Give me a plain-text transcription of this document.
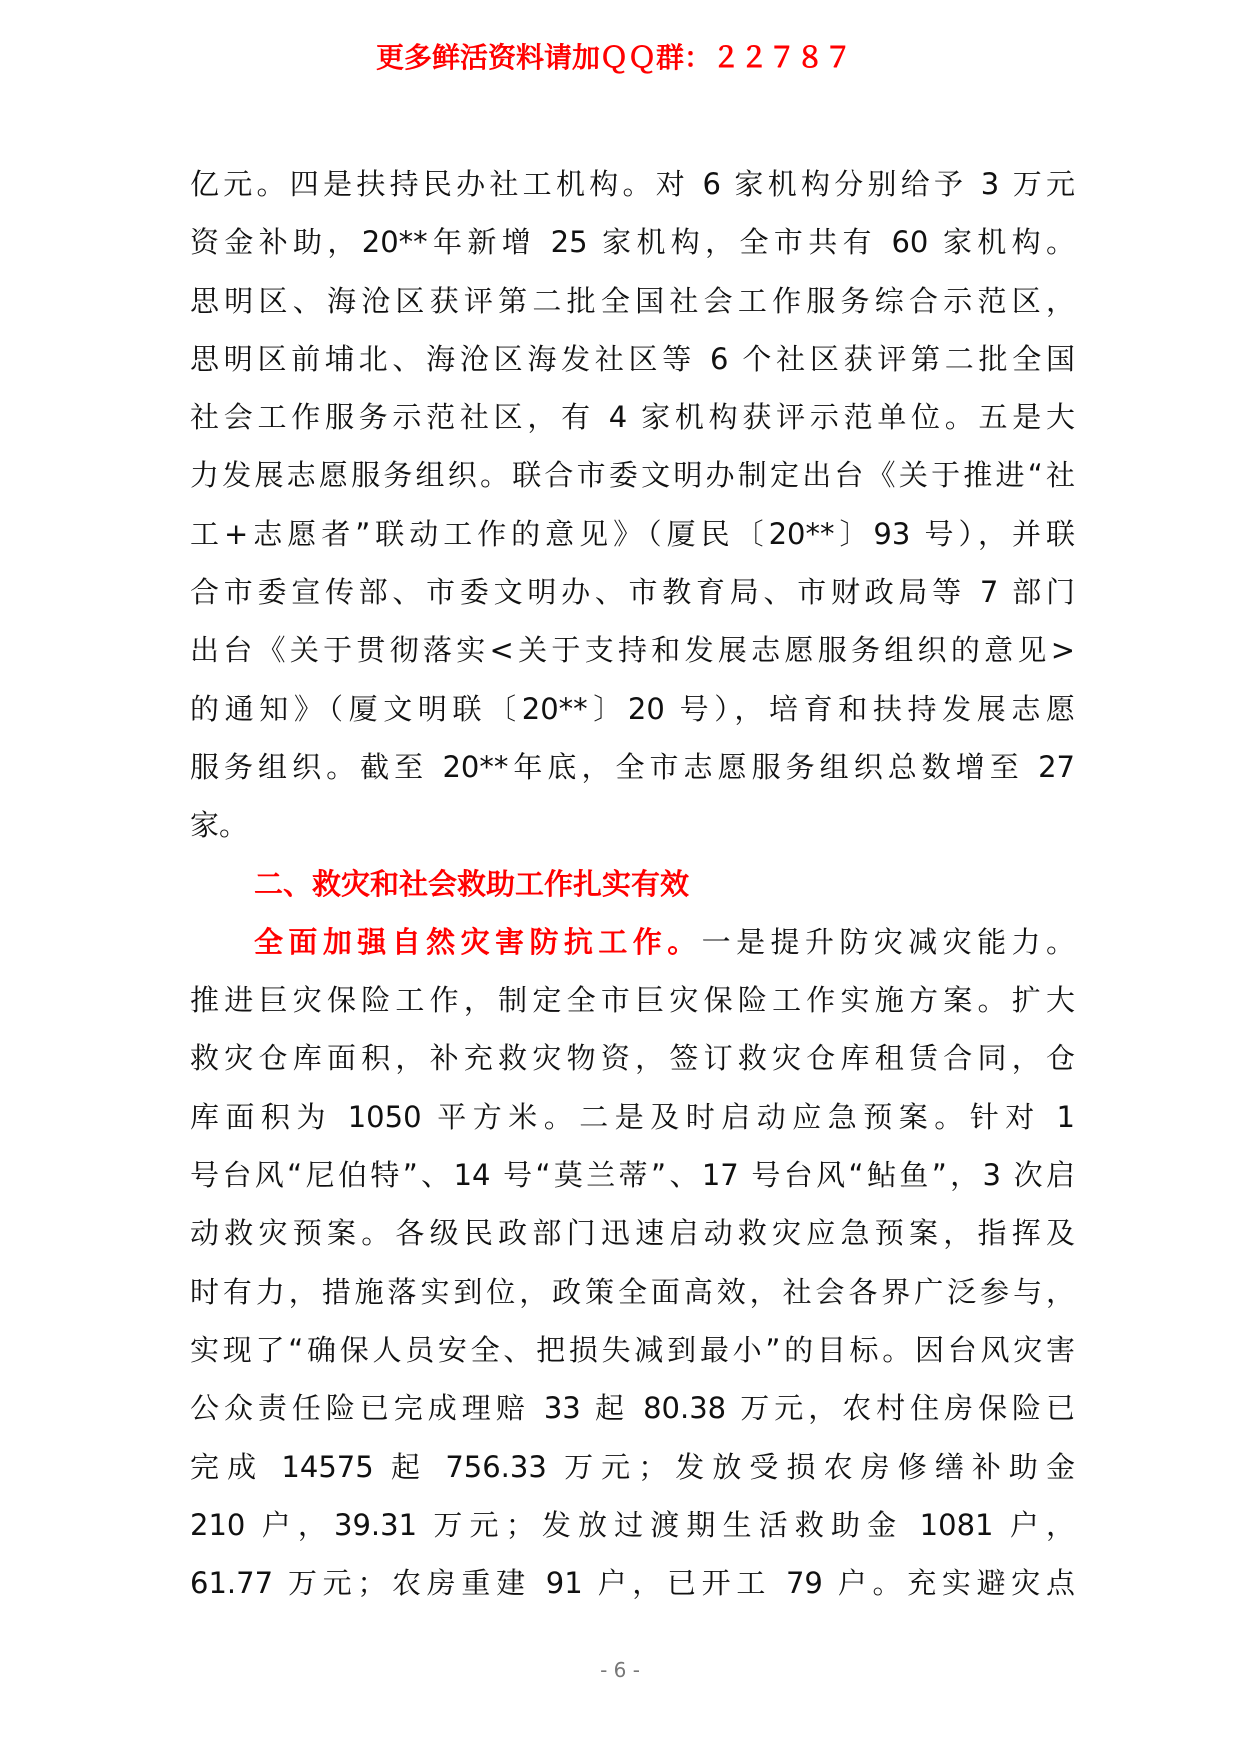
更多鲜活资料请加ＱＱ群：２２７８７
亿元。四是扶持民办社工机构。对 6 家机构分别给予 3 万元
资金补助，20**年新增 25 家机构，全市共有 60 家机构。
思明区、海沧区获评第二批全国社会工作服务综合示范区，
思明区前埔北、海沧区海发社区等 6 个社区获评第二批全国
社会工作服务示范社区，有 4 家机构获评示范单位。五是大
力发展志愿服务组织。联合市委文明办制定出台《关于推进“社
工+志愿者”联动工作的意见》（厦民〔20**〕93 号），并联
合市委宣传部、市委文明办、市教育局、市财政局等 7 部门
出台《关于贯彻落实<关于支持和发展志愿服务组织的意见>
的通知》（厦文明联〔20**〕20 号），培育和扶持发展志愿
服务组织。截至 20**年底，全市志愿服务组织总数增至 27
家。
二、救灾和社会救助工作扎实有效
全面加强自然灾害防抗工作。一是提升防灾减灾能力。
推进巨灾保险工作，制定全市巨灾保险工作实施方案。扩大
救灾仓库面积，补充救灾物资，签订救灾仓库租赁合同，仓
库面积为 1050 平方米。二是及时启动应急预案。针对 1
号台风“尼伯特”、14 号“莫兰蒂”、17 号台风“鲇鱼”，3 次启
动救灾预案。各级民政部门迅速启动救灾应急预案，指挥及
时有力，措施落实到位，政策全面高效，社会各界广泛参与，
实现了“确保人员安全、把损失减到最小”的目标。因台风灾害
公众责任险已完成理赔 33 起 80.38 万元，农村住房保险已
完成 14575 起 756.33 万元；发放受损农房修缮补助金
210 户，39.31 万元；发放过渡期生活救助金 1081 户，
61.77 万元；农房重建 91 户，已开工 79 户。充实避灾点
- 6 -
